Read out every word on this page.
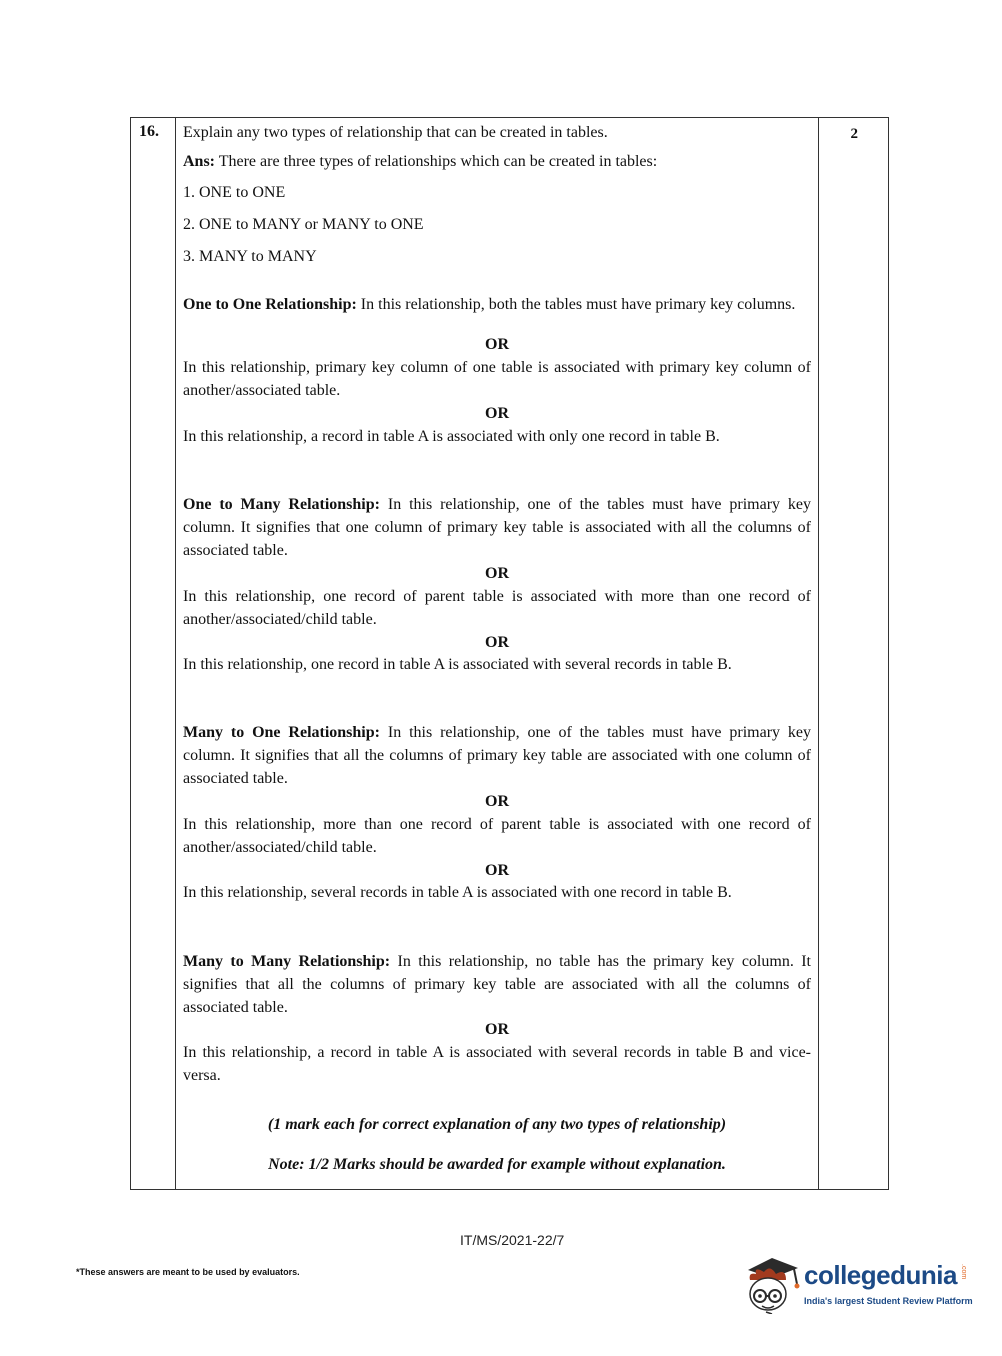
16.	2
Explain any two types of relationship that can be created in tables.
Ans: There are three types of relationships which can be created in tables:
1. ONE to ONE
2. ONE to MANY or MANY to ONE
3. MANY to MANY
One to One Relationship: In this relationship, both the tables must have primary key columns.
OR
In this relationship, primary key column of one table is associated with primary key column of another/associated table.
OR
In this relationship, a record in table A is associated with only one record in table B.
One to Many Relationship: In this relationship, one of the tables must have primary key column. It signifies that one column of primary key table is associated with all the columns of associated table.
OR
In this relationship, one record of parent table is associated with more than one record of another/associated/child table.
OR
In this relationship, one record in table A is associated with several records in table B.
Many to One Relationship: In this relationship, one of the tables must have primary key column. It signifies that all the columns of primary key table are associated with one column of associated table.
OR
In this relationship, more than one record of parent table is associated with one record of another/associated/child table.
OR
In this relationship, several records in table A is associated with one record in table B.
Many to Many Relationship: In this relationship, no table has the primary key column. It signifies that all the columns of primary key table are associated with all the columns of associated table.
OR
In this relationship, a record in table A is associated with several records in table B and vice-versa.
(1 mark each for correct explanation of any two types of relationship)
Note: 1/2 Marks should be awarded for example without explanation.
IT/MS/2021-22/7
*These answers are meant to be used by evaluators.	collegedunia .com
India's largest Student Review Platform
